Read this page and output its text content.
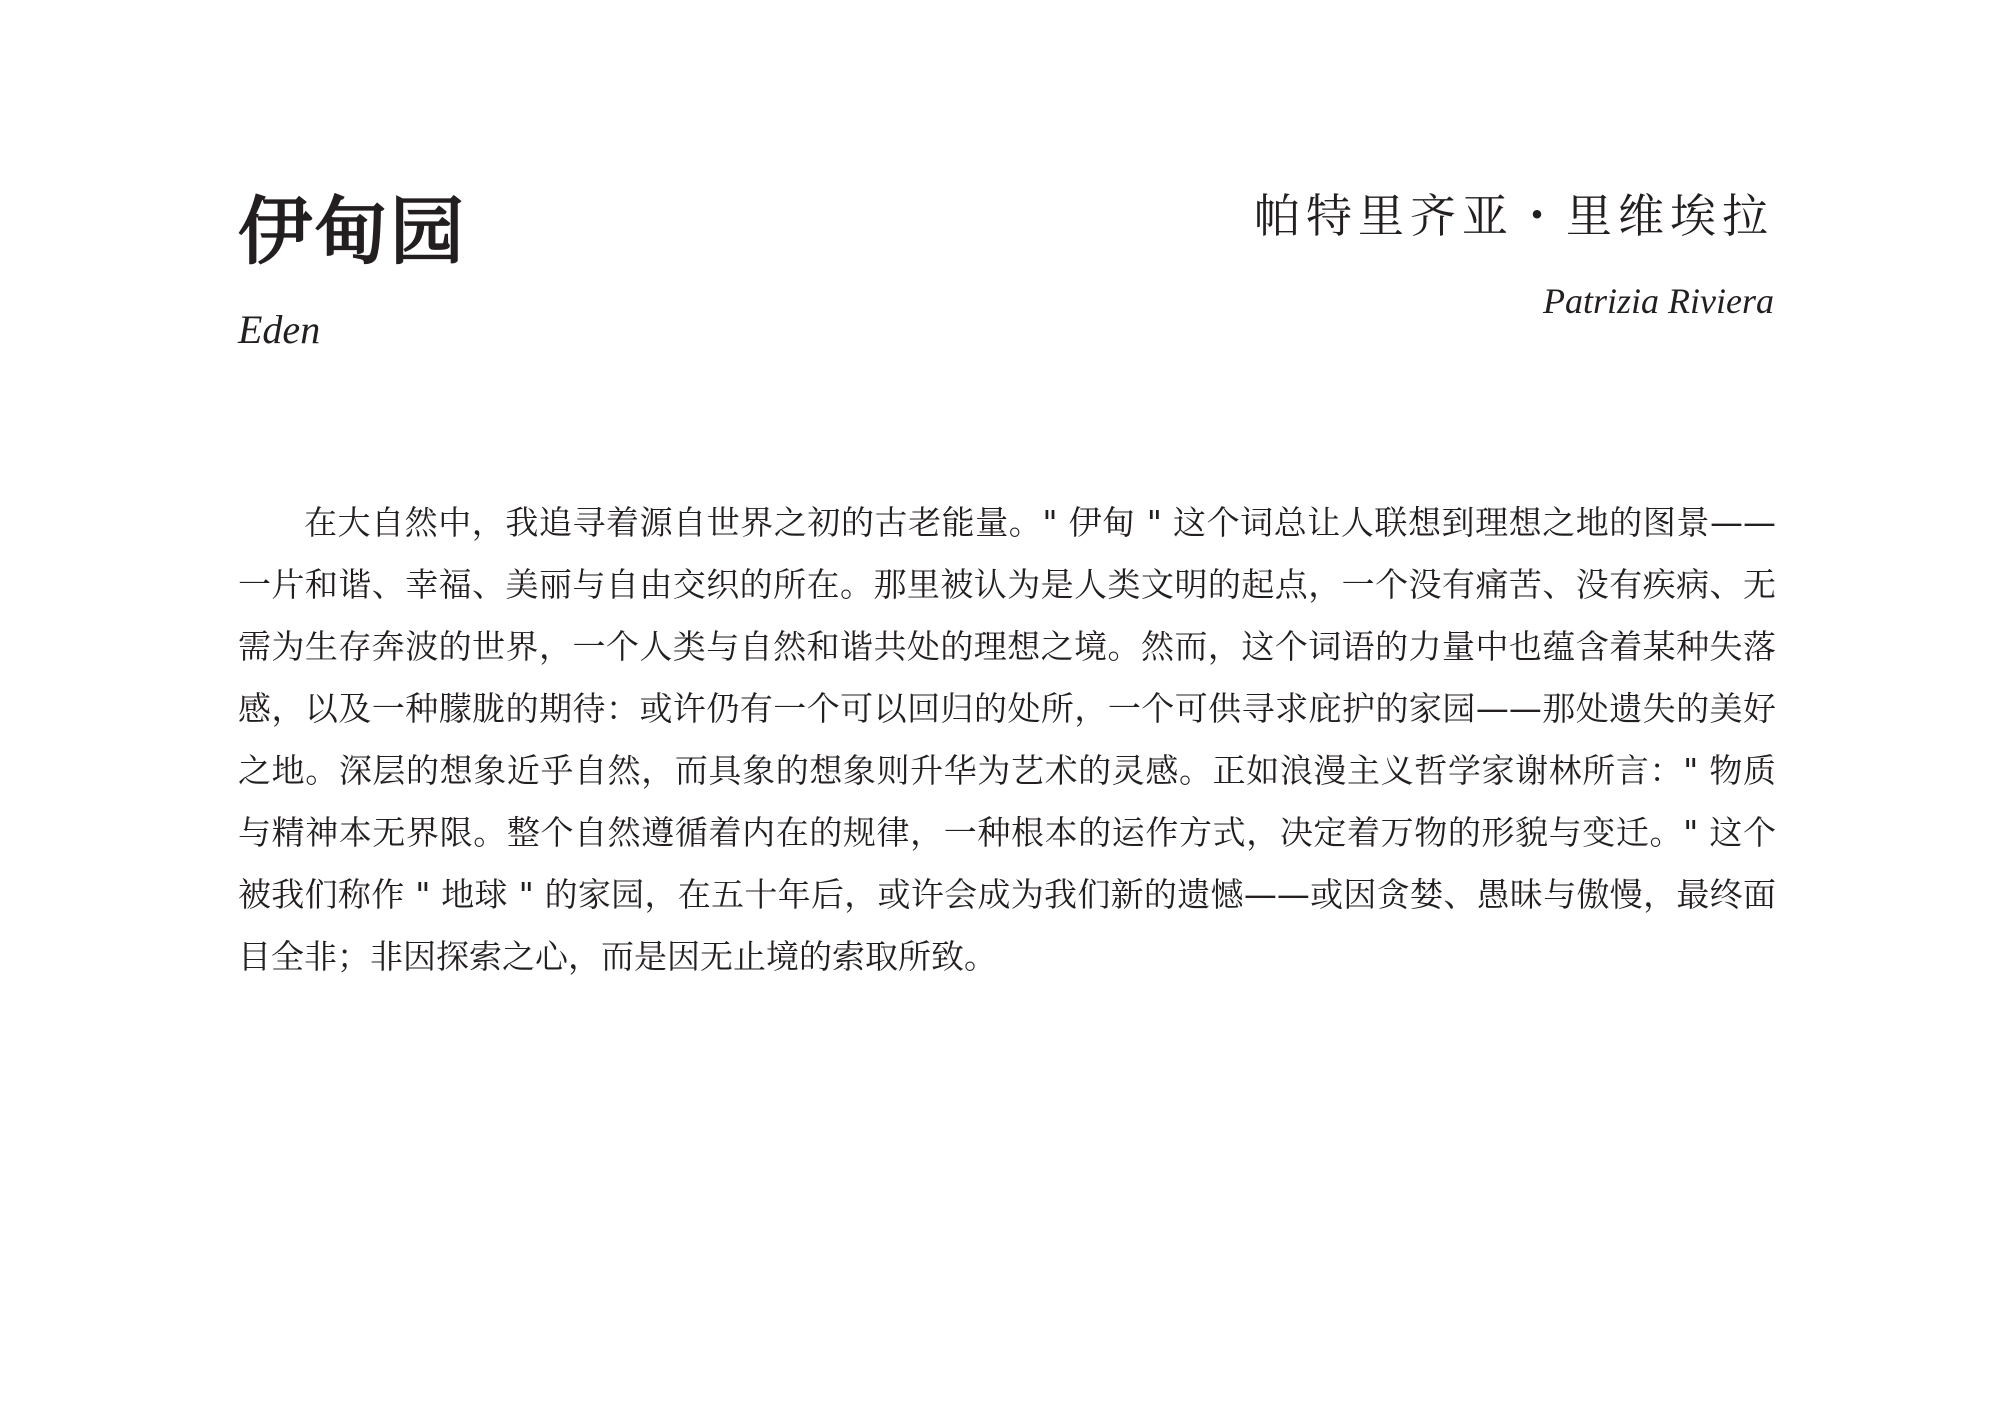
伊甸园
Eden
帕特里齐亚・里维埃拉
Patrizia Riviera

在大自然中，我追寻着源自世界之初的古老能量。" 伊甸 " 这个词总让人联想到理想之地的图景——一片和谐、幸福、美丽与自由交织的所在。那里被认为是人类文明的起点，一个没有痛苦、没有疾病、无需为生存奔波的世界，一个人类与自然和谐共处的理想之境。然而，这个词语的力量中也蕴含着某种失落感，以及一种朦胧的期待：或许仍有一个可以回归的处所，一个可供寻求庇护的家园——那处遗失的美好之地。深层的想象近乎自然，而具象的想象则升华为艺术的灵感。正如浪漫主义哲学家谢林所言：" 物质与精神本无界限。整个自然遵循着内在的规律，一种根本的运作方式，决定着万物的形貌与变迁。" 这个被我们称作 " 地球 " 的家园，在五十年后，或许会成为我们新的遗憾——或因贪婪、愚昧与傲慢，最终面目全非；非因探索之心，而是因无止境的索取所致。
